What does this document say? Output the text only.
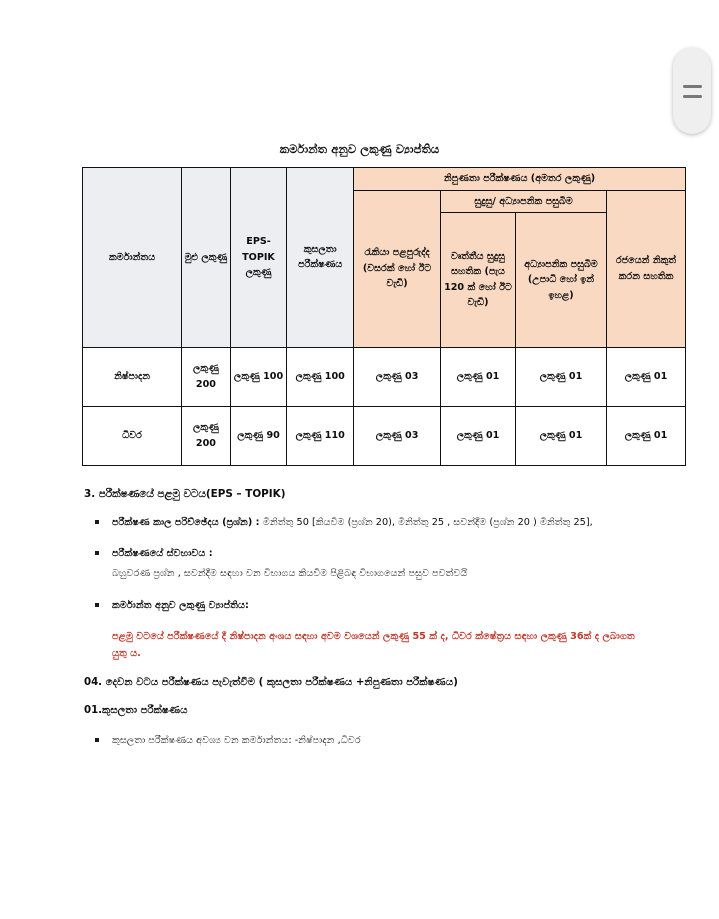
කර්මාන්ත අනුව ලකුණු ව්‍යාප්තිය
කර්මාන්තය	මුළු ලකුණු	EPS- TOPIK ලකුණු	කුසලතා පරීක්ෂණය	නිපුණතා පරීක්ෂණය (අමතර ලකුණු)			
				රැකියා පළපුරුද්ද (වසරක් හෝ ඊට වැඩි)	සුදුසු/ අධ්‍යාපනික පසුබිම		රජයෙන් නිකුත් කරන සහතික
					වෘත්තීය සුදුසු සහතික (පැය 120 ක් හෝ ඊට වැඩි)	අධ්‍යාපනික පසුබිම (උපාධි හෝ ඉන් ඉහළ)	

නිෂ්පාදන	ලකුණු 200	ලකුණු 100	ලකුණු 100	ලකුණු 03	ලකුණු 01	ලකුණු 01	ලකුණු 01
ධීවර	ලකුණු 200	ලකුණු 90	ලකුණු 110	ලකුණු 03	ලකුණු 01	ලකුණු 01	ලකුණු 01
3. පරීක්ෂණයේ පළමු වටය(EPS – TOPIK)
පරීක්ෂණ කාල පරිච්ඡේදය (ප්‍රශ්න) : මිනිත්තු 50 [කියවීම (ප්‍රශ්න 20), මිනිත්තු 25 , සවන්දීම (ප්‍රශ්න 20 ) මිනිත්තු 25],
පරීක්ෂණයේ ස්වභාවය :
බහුවරණ ප්‍රශ්න , සවන්දීම සඳහා වන විභාගය කියවීම පිළිබඳ විභාගයෙන් පසුව පවත්වයි
කර්මාන්ත අනුව ලකුණු ව්‍යාප්තිය:
පළමු වටයේ පරීක්ෂණයේ දී නිෂ්පාදන අංශය සඳහා අවම වශයෙන් ලකුණු 55 ක් ද, ධීවර ක්ෂේත්‍රය සඳහා ලකුණු 36ක් ද ලබාගත යුතු ය.
04. දෙවන වටය පරීක්ෂණය පැවැත්වීම ( කුසලතා පරීක්ෂණය +නිපුණතා පරීක්ෂණය)
01.කුසලතා පරීක්ෂණය
කුසලතා පරීක්ෂණය අවශ්‍ය වන කර්මාන්තය: -නිෂ්පාදන ,ධීවර
